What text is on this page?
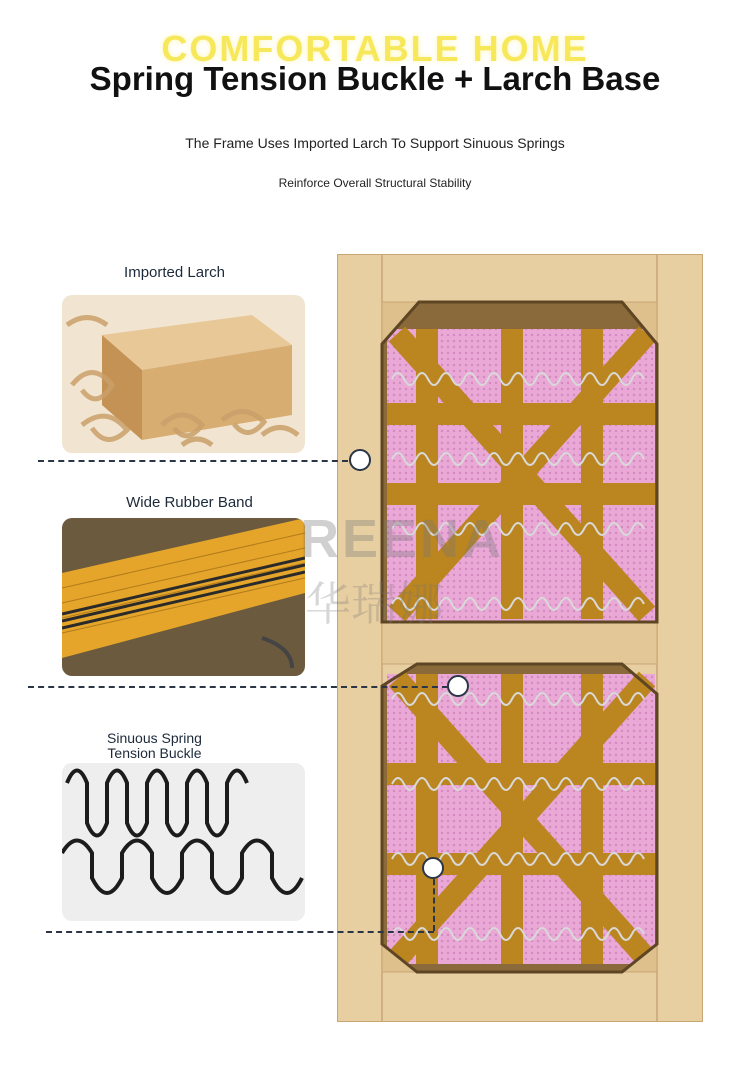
COMFORTABLE HOME
Spring Tension Buckle + Larch Base
The Frame Uses Imported Larch To Support Sinuous Springs
Reinforce Overall Structural Stability
Imported Larch
Wide Rubber Band
Sinuous Spring
Tension Buckle
REENA
华瑞娜
